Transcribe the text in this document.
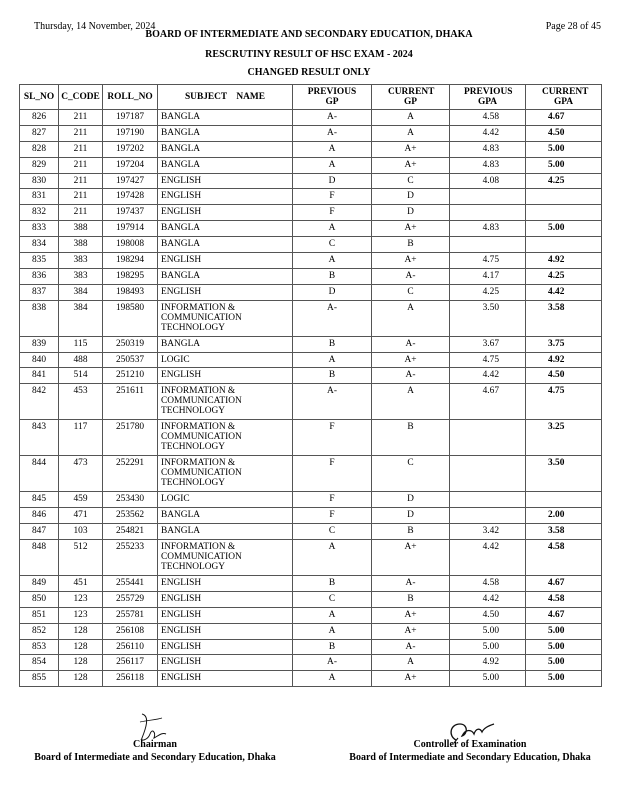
Thursday, 14 November, 2024	Page 28 of 45
BOARD OF INTERMEDIATE AND SECONDARY EDUCATION, DHAKA
RESCRUTINY RESULT OF HSC EXAM - 2024
CHANGED RESULT ONLY
SL_NO	C_CODE	ROLL_NO	SUBJECT    NAME	PREVIOUS GP	CURRENT GP	PREVIOUS GPA	CURRENT GPA
826	211	197187	BANGLA	A-	A	4.58	4.67
827	211	197190	BANGLA	A-	A	4.42	4.50
828	211	197202	BANGLA	A	A+	4.83	5.00
829	211	197204	BANGLA	A	A+	4.83	5.00
830	211	197427	ENGLISH	D	C	4.08	4.25
831	211	197428	ENGLISH	F	D		
832	211	197437	ENGLISH	F	D		
833	388	197914	BANGLA	A	A+	4.83	5.00
834	388	198008	BANGLA	C	B		
835	383	198294	ENGLISH	A	A+	4.75	4.92
836	383	198295	BANGLA	B	A-	4.17	4.25
837	384	198493	ENGLISH	D	C	4.25	4.42
838	384	198580	INFORMATION & COMMUNICATION TECHNOLOGY	A-	A	3.50	3.58
839	115	250319	BANGLA	B	A-	3.67	3.75
840	488	250537	LOGIC	A	A+	4.75	4.92
841	514	251210	ENGLISH	B	A-	4.42	4.50
842	453	251611	INFORMATION & COMMUNICATION TECHNOLOGY	A-	A	4.67	4.75
843	117	251780	INFORMATION & COMMUNICATION TECHNOLOGY	F	B		3.25
844	473	252291	INFORMATION & COMMUNICATION TECHNOLOGY	F	C		3.50
845	459	253430	LOGIC	F	D		
846	471	253562	BANGLA	F	D		2.00
847	103	254821	BANGLA	C	B	3.42	3.58
848	512	255233	INFORMATION & COMMUNICATION TECHNOLOGY	A	A+	4.42	4.58
849	451	255441	ENGLISH	B	A-	4.58	4.67
850	123	255729	ENGLISH	C	B	4.42	4.58
851	123	255781	ENGLISH	A	A+	4.50	4.67
852	128	256108	ENGLISH	A	A+	5.00	5.00
853	128	256110	ENGLISH	B	A-	5.00	5.00
854	128	256117	ENGLISH	A-	A	4.92	5.00
855	128	256118	ENGLISH	A	A+	5.00	5.00
Chairman
Board of Intermediate and Secondary Education, Dhaka
Controller of Examination
Board of Intermediate and Secondary Education, Dhaka
